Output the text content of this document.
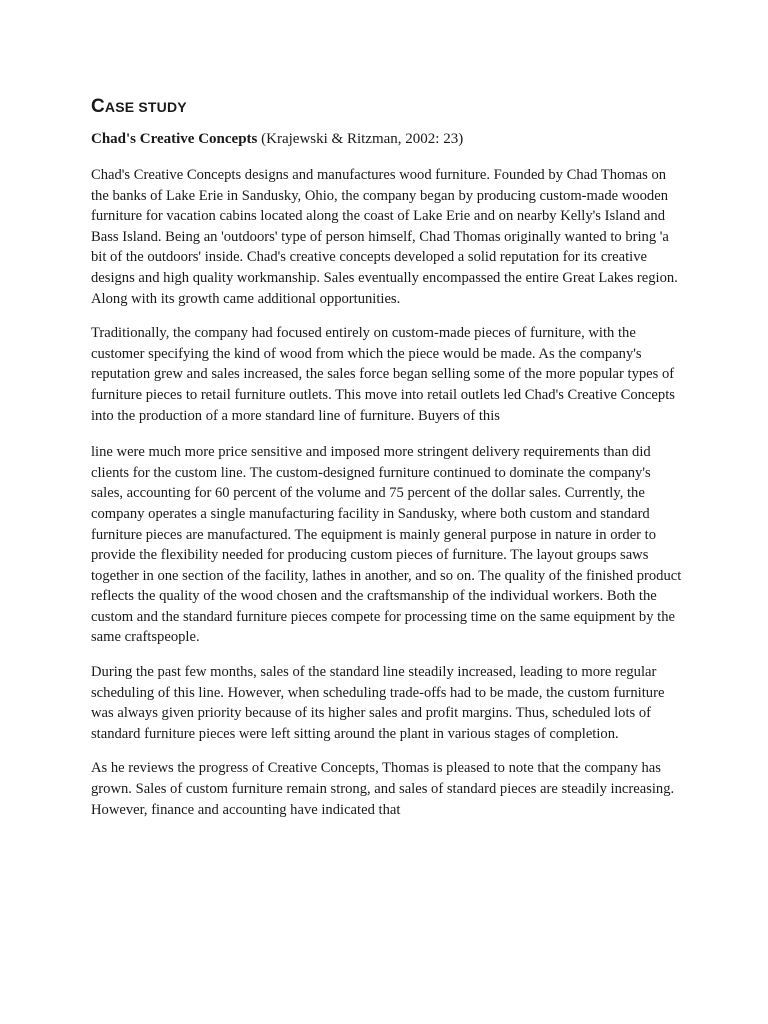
CASE STUDY
Chad's Creative Concepts (Krajewski & Ritzman, 2002: 23)

Chad's Creative Concepts designs and manufactures wood furniture. Founded by Chad Thomas on the banks of Lake Erie in Sandusky, Ohio, the company began by producing custom-made wooden furniture for vacation cabins located along the coast of Lake Erie and on nearby Kelly's Island and Bass Island. Being an 'outdoors' type of person himself, Chad Thomas originally wanted to bring 'a bit of the outdoors' inside. Chad's creative concepts developed a solid reputation for its creative designs and high quality workmanship. Sales eventually encompassed the entire Great Lakes region. Along with its growth came additional opportunities.

Traditionally, the company had focused entirely on custom-made pieces of furniture, with the customer specifying the kind of wood from which the piece would be made. As the company's reputation grew and sales increased, the sales force began selling some of the more popular types of furniture pieces to retail furniture outlets. This move into retail outlets led Chad's Creative Concepts into the production of a more standard line of furniture. Buyers of this

line were much more price sensitive and imposed more stringent delivery requirements than did clients for the custom line. The custom-designed furniture continued to dominate the company's sales, accounting for 60 percent of the volume and 75 percent of the dollar sales. Currently, the company operates a single manufacturing facility in Sandusky, where both custom and standard furniture pieces are manufactured. The equipment is mainly general purpose in nature in order to provide the flexibility needed for producing custom pieces of furniture. The layout groups saws together in one section of the facility, lathes in another, and so on. The quality of the finished product reflects the quality of the wood chosen and the craftsmanship of the individual workers. Both the custom and the standard furniture pieces compete for processing time on the same equipment by the same craftspeople.

During the past few months, sales of the standard line steadily increased, leading to more regular scheduling of this line. However, when scheduling trade-offs had to be made, the custom furniture was always given priority because of its higher sales and profit margins. Thus, scheduled lots of standard furniture pieces were left sitting around the plant in various stages of completion.

As he reviews the progress of Creative Concepts, Thomas is pleased to note that the company has grown. Sales of custom furniture remain strong, and sales of standard pieces are steadily increasing. However, finance and accounting have indicated that
